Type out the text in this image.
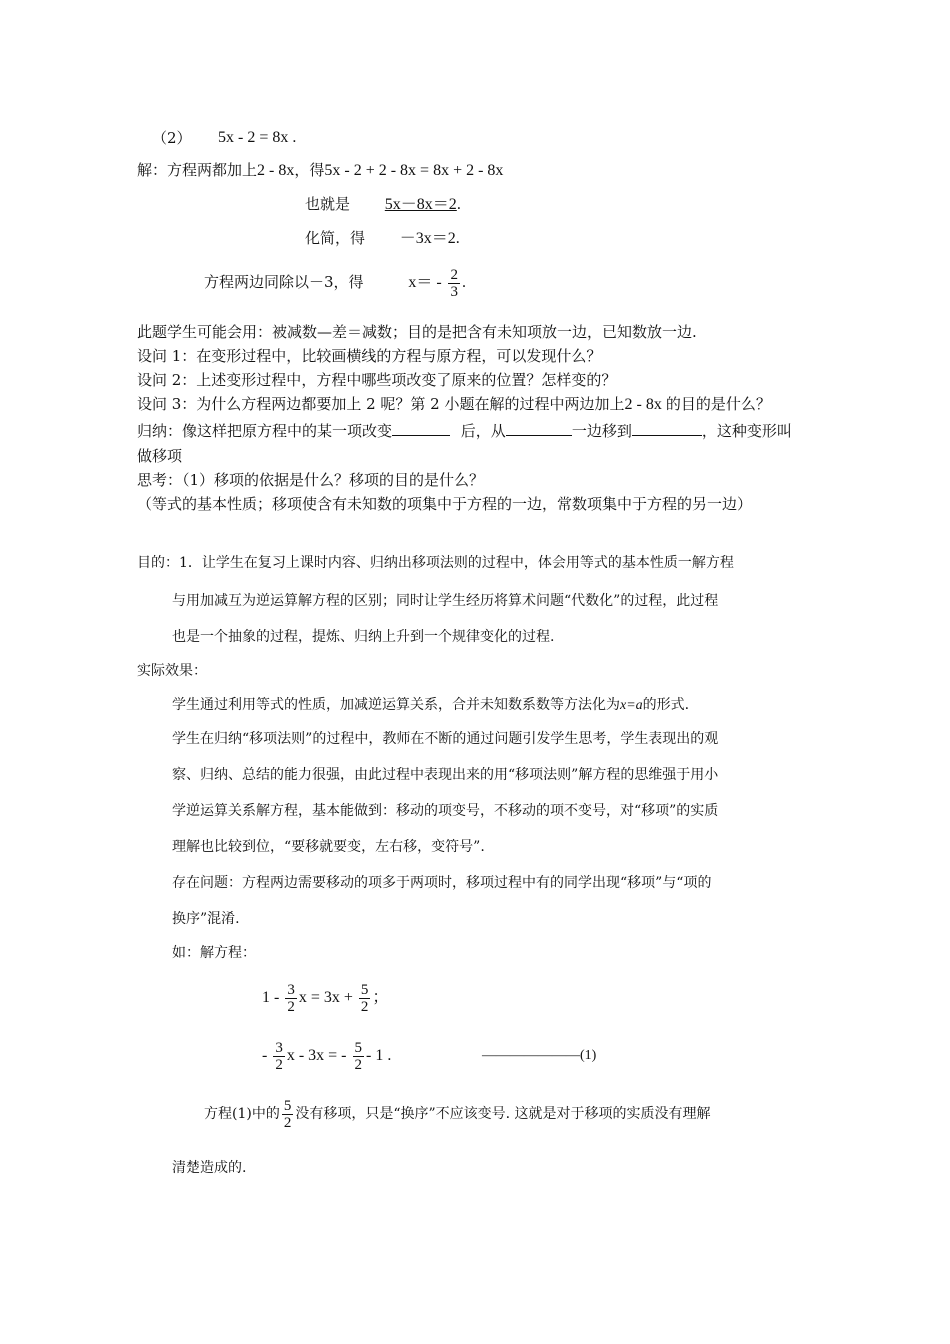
（2） 5x - 2 = 8x .
解：方程两都加上2 - 8x，得5x - 2 + 2 - 8x = 8x + 2 - 8x
也就是 5x－8x＝2.
化简，得 －3x＝2.
方程两边同除以－3，得	$x= - \frac{2}{3}$ .
此题学生可能会用：被减数—差＝减数；目的是把含有未知项放一边，已知数放一边.
设问 1：在变形过程中，比较画横线的方程与原方程，可以发现什么？
设问 2：上述变形过程中，方程中哪些项改变了原来的位置？怎样变的？
设问 3：为什么方程两边都要加上 2 呢？第 2 小题在解的过程中两边加上2 - 8x 的目的是什么？
归纳：像这样把原方程中的某一项改变	后，从	一边移到	，这种变形叫
做移项
思考：（1）移项的依据是什么？移项的目的是什么？
（等式的基本性质；移项使含有未知数的项集中于方程的一边，常数项集中于方程的另一边）
目的：1．让学生在复习上课时内容、归纳出移项法则的过程中，体会用等式的基本性质一解方程
与用加减互为逆运算解方程的区别；同时让学生经历将算术问题“代数化”的过程，此过程
也是一个抽象的过程，提炼、归纳上升到一个规律变化的过程.
实际效果：
学生通过利用等式的性质，加减逆运算关系，合并未知数系数等方法化为x=a的形式.
学生在归纳“移项法则”的过程中，教师在不断的通过问题引发学生思考，学生表现出的观
察、归纳、总结的能力很强，由此过程中表现出来的用“移项法则”解方程的思维强于用小
学逆运算关系解方程，基本能做到：移动的项变号，不移动的项不变号，对“移项”的实质
理解也比较到位，“要移就要变，左右移，变符号”.
存在问题：方程两边需要移动的项多于两项时，移项过程中有的同学出现“移项”与“项的
换序”混淆.
如：解方程：
$1 - \frac{3}{2}$ $x = 3x + \frac{5}{2}$ ；
- $\frac{3}{2}$ x - 3x = - $\frac{5}{2} - 1$ .	———————(1)
方程(1)中的 $\frac{5}{2}$ 没有移项，只是“换序”不应该变号. 这就是对于移项的实质没有理解
清楚造成的.
